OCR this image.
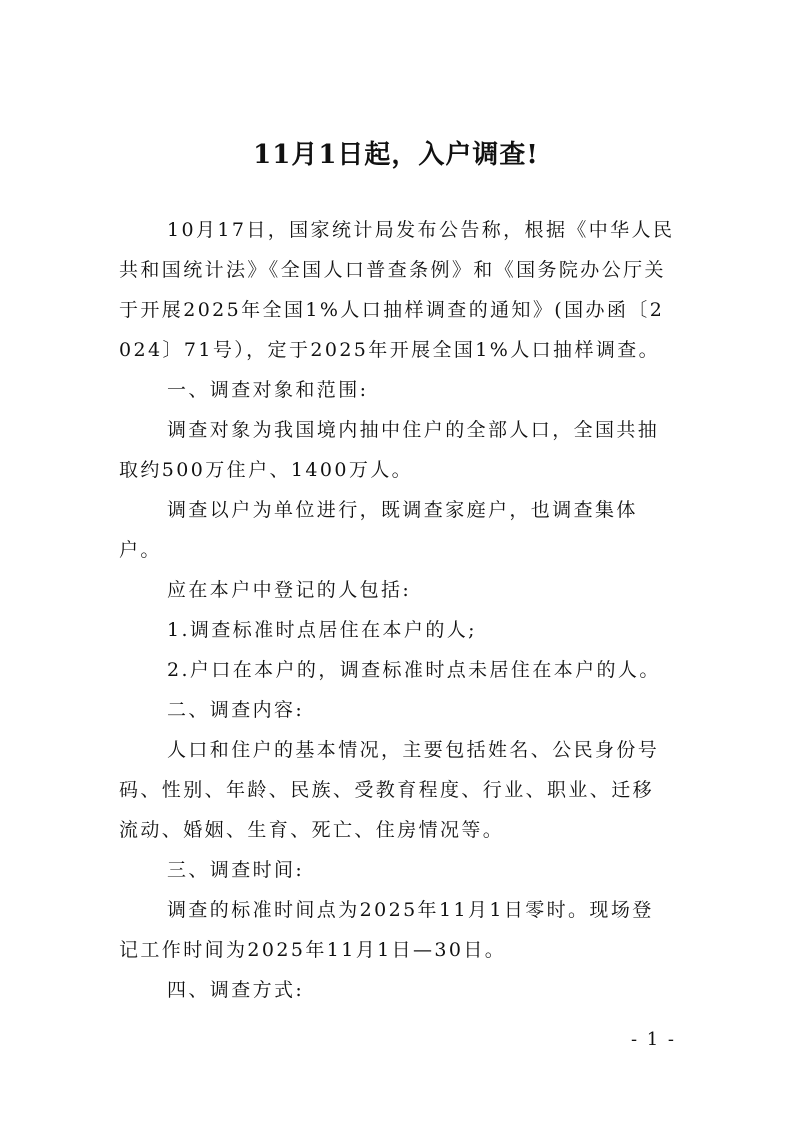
11月1日起，入户调查!

10月17日，国家统计局发布公告称，根据《中华人民共和国统计法》《全国人口普查条例》和《国务院办公厅关于开展2025年全国1%人口抽样调查的通知》(国办函〔2024〕71号），定于2025年开展全国1%人口抽样调查。

一、调查对象和范围:

调查对象为我国境内抽中住户的全部人口，全国共抽取约500万住户、1400万人。

调查以户为单位进行，既调查家庭户，也调查集体户。

应在本户中登记的人包括:

1.调查标准时点居住在本户的人;

2.户口在本户的，调查标准时点未居住在本户的人。

二、调查内容:

人口和住户的基本情况，主要包括姓名、公民身份号码、性别、年龄、民族、受教育程度、行业、职业、迁移流动、婚姻、生育、死亡、住房情况等。

三、调查时间:

调查的标准时间点为2025年11月1日零时。现场登记工作时间为2025年11月1日—30日。

四、调查方式:

- 1 -
